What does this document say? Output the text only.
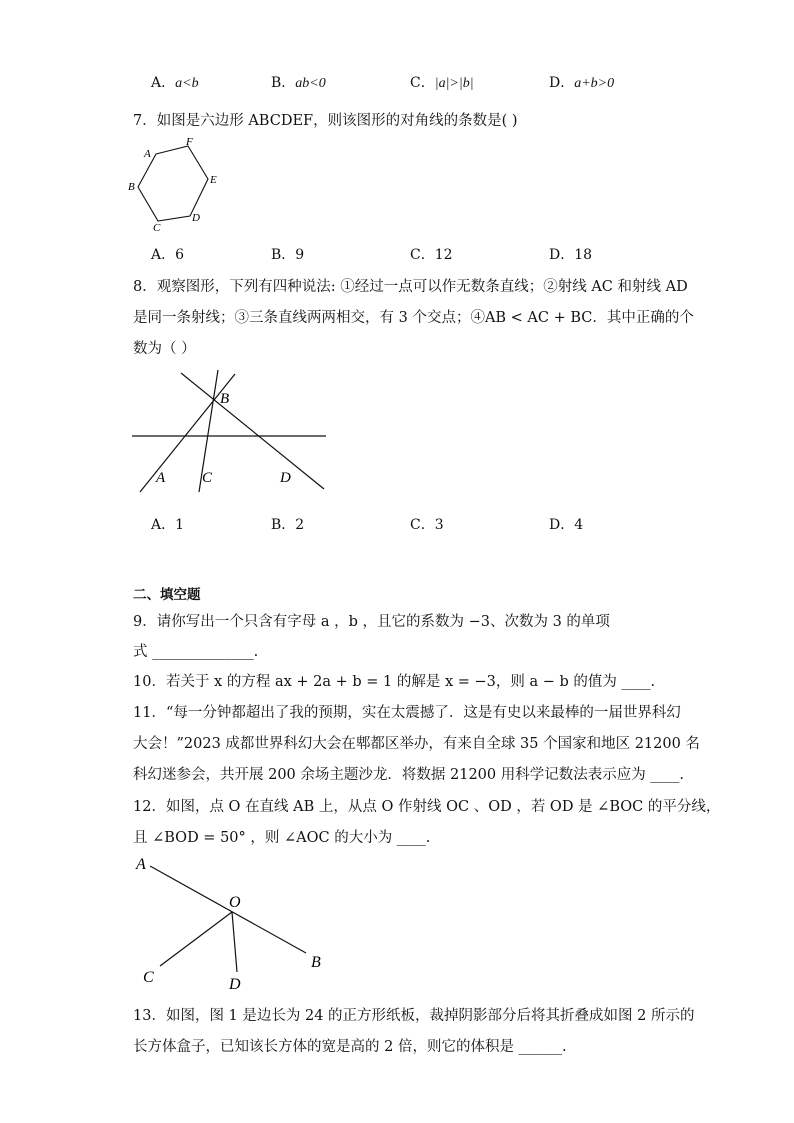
A．a<b	B．ab<0	C．|a|>|b|	D．a+b>0
7．如图是六边形 ABCDEF，则该图形的对角线的条数是( )
A
F
E
B
D
C
A．6	B．9	C．12	D．18
8．观察图形，下列有四种说法: ①经过一点可以作无数条直线；②射线 AC 和射线 AD
是同一条射线；③三条直线两两相交，有 3 个交点；④AB < AC + BC．其中正确的个
数为（ ）
B
A C	D
A．1	B．2	C．3	D．4
二、填空题
9．请你写出一个只含有字母 a ，b ，且它的系数为 −3、次数为 3 的单项
式 ______________.
10．若关于 x 的方程 ax + 2a + b = 1 的解是 x = −3，则 a − b 的值为 ____.
11．“每一分钟都超出了我的预期，实在太震撼了．这是有史以来最棒的一届世界科幻
大会！”2023 成都世界科幻大会在郫都区举办，有来自全球 35 个国家和地区 21200 名
科幻迷参会，共开展 200 余场主题沙龙．将数据 21200 用科学记数法表示应为 ____.
12．如图，点 O 在直线 AB 上，从点 O 作射线 OC 、OD ，若 OD 是 ∠BOC 的平分线，
且 ∠BOD = 50° ，则 ∠AOC 的大小为 ____.
A
O
B
C	D
13．如图，图 1 是边长为 24 的正方形纸板，裁掉阴影部分后将其折叠成如图 2 所示的
长方体盒子，已知该长方体的宽是高的 2 倍，则它的体积是 ______.
